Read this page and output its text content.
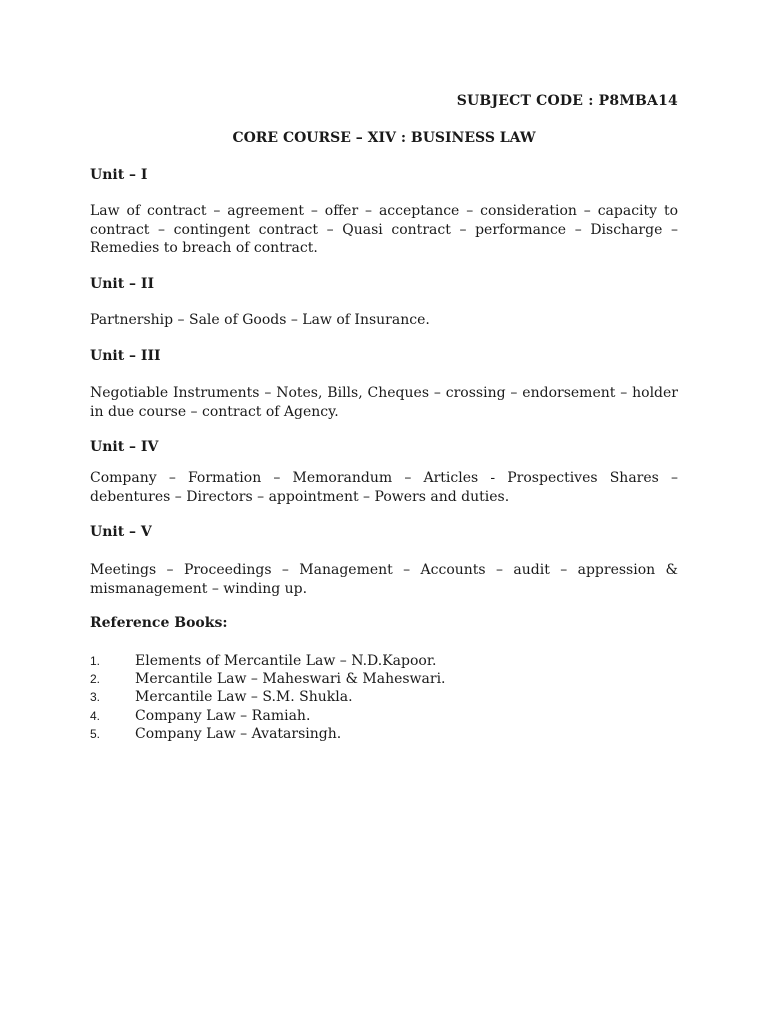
SUBJECT CODE : P8MBA14
CORE COURSE – XIV : BUSINESS LAW
Unit – I
Law of contract – agreement – offer – acceptance – consideration – capacity to contract – contingent contract – Quasi contract – performance – Discharge – Remedies to breach of contract.
Unit – II
Partnership – Sale of Goods – Law of Insurance.
Unit – III
Negotiable Instruments – Notes, Bills, Cheques – crossing – endorsement – holder in due course – contract of Agency.
Unit – IV
Company – Formation – Memorandum – Articles - Prospectives Shares – debentures – Directors – appointment – Powers and duties.
Unit – V
Meetings – Proceedings – Management – Accounts – audit – appression & mismanagement – winding up.
Reference Books:
1.	Elements of Mercantile Law – N.D.Kapoor.
2.	Mercantile Law – Maheswari & Maheswari.
3.	Mercantile Law – S.M. Shukla.
4.	Company Law – Ramiah.
5.	Company Law – Avatarsingh.
